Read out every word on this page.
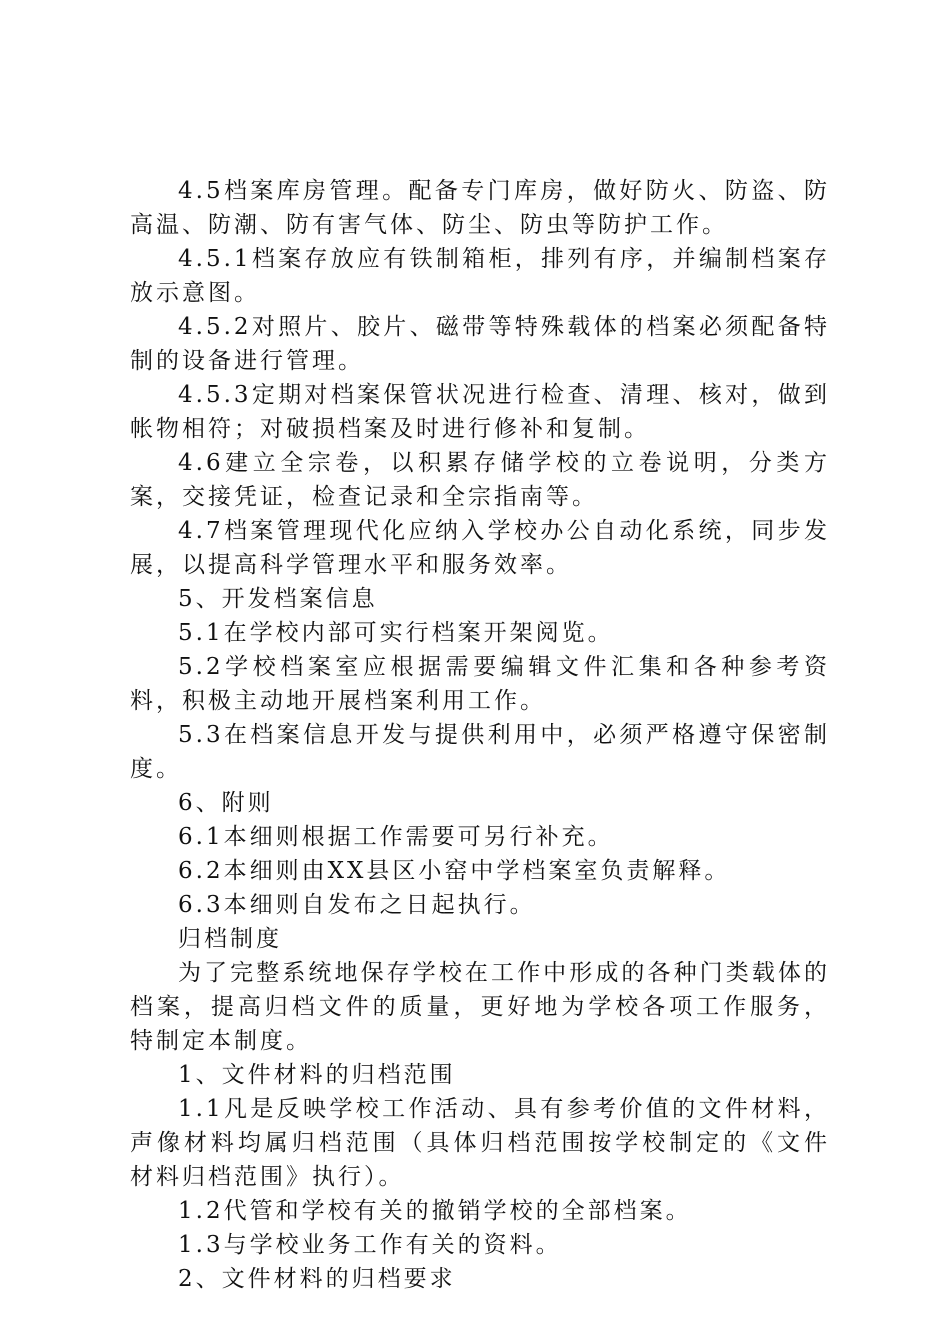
4.5档案库房管理。配备专门库房，做好防火、防盗、防高温、防潮、防有害气体、防尘、防虫等防护工作。

4.5.1档案存放应有铁制箱柜，排列有序，并编制档案存放示意图。

4.5.2对照片、胶片、磁带等特殊载体的档案必须配备特制的设备进行管理。

4.5.3定期对档案保管状况进行检查、清理、核对，做到帐物相符；对破损档案及时进行修补和复制。

4.6建立全宗卷，以积累存储学校的立卷说明，分类方案，交接凭证，检查记录和全宗指南等。

4.7档案管理现代化应纳入学校办公自动化系统，同步发展，以提高科学管理水平和服务效率。

5、开发档案信息

5.1在学校内部可实行档案开架阅览。

5.2学校档案室应根据需要编辑文件汇集和各种参考资料，积极主动地开展档案利用工作。

5.3在档案信息开发与提供利用中，必须严格遵守保密制度。

6、附则

6.1本细则根据工作需要可另行补充。

6.2本细则由XX县区小窑中学档案室负责解释。

6.3本细则自发布之日起执行。

归档制度

为了完整系统地保存学校在工作中形成的各种门类载体的档案，提高归档文件的质量，更好地为学校各项工作服务，特制定本制度。

1、文件材料的归档范围

1.1凡是反映学校工作活动、具有参考价值的文件材料，声像材料均属归档范围（具体归档范围按学校制定的《文件材料归档范围》执行）。

1.2代管和学校有关的撤销学校的全部档案。

1.3与学校业务工作有关的资料。

2、文件材料的归档要求
